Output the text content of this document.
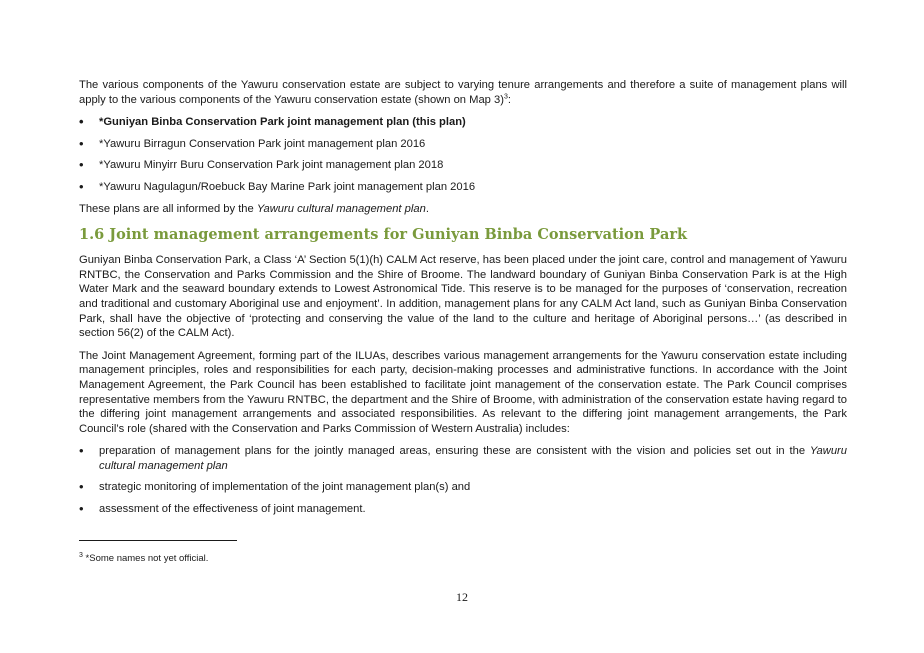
The various components of the Yawuru conservation estate are subject to varying tenure arrangements and therefore a suite of management plans will apply to the various components of the Yawuru conservation estate (shown on Map 3)$^3$:

• *Guniyan Binba Conservation Park joint management plan (this plan)
• *Yawuru Birragun Conservation Park joint management plan 2016
• *Yawuru Minyirr Buru Conservation Park joint management plan 2018
• *Yawuru Nagulagun/Roebuck Bay Marine Park joint management plan 2016

These plans are all informed by the Yawuru cultural management plan.

1.6 Joint management arrangements for Guniyan Binba Conservation Park

Guniyan Binba Conservation Park, a Class ‘A’ Section 5(1)(h) CALM Act reserve, has been placed under the joint care, control and management of Yawuru RNTBC, the Conservation and Parks Commission and the Shire of Broome. The landward boundary of Guniyan Binba Conservation Park is at the High Water Mark and the seaward boundary extends to Lowest Astronomical Tide. This reserve is to be managed for the purposes of ‘conservation, recreation and traditional and customary Aboriginal use and enjoyment’. In addition, management plans for any CALM Act land, such as Guniyan Binba Conservation Park, shall have the objective of ‘protecting and conserving the value of the land to the culture and heritage of Aboriginal persons…’ (as described in section 56(2) of the CALM Act).

The Joint Management Agreement, forming part of the ILUAs, describes various management arrangements for the Yawuru conservation estate including management principles, roles and responsibilities for each party, decision-making processes and administrative functions. In accordance with the Joint Management Agreement, the Park Council has been established to facilitate joint management of the conservation estate. The Park Council comprises representative members from the Yawuru RNTBC, the department and the Shire of Broome, with administration of the conservation estate having regard to the differing joint management arrangements and associated responsibilities. As relevant to the differing joint management arrangements, the Park Council’s role (shared with the Conservation and Parks Commission of Western Australia) includes:

• preparation of management plans for the jointly managed areas, ensuring these are consistent with the vision and policies set out in the Yawuru cultural management plan
• strategic monitoring of implementation of the joint management plan(s) and
• assessment of the effectiveness of joint management.
$^3$ *Some names not yet official.
12
